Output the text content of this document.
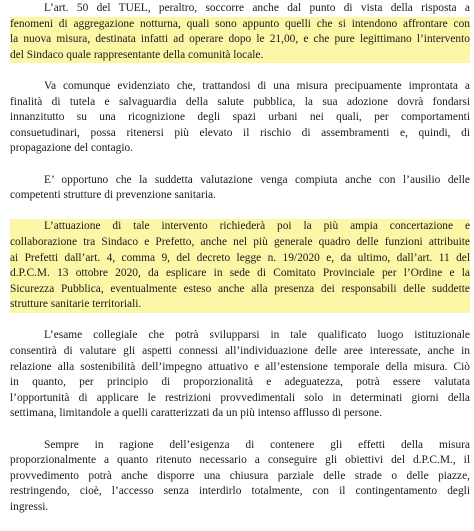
L’art. 50 del TUEL, peraltro, soccorre anche dal punto di vista della risposta a
fenomeni di aggregazione notturna, quali sono appunto quelli che si intendono affrontare con
la nuova misura, destinata infatti ad operare dopo le 21,00, e che pure legittimano l’intervento
del Sindaco quale rappresentante della comunità locale.
Va comunque evidenziato che, trattandosi di una misura precipuamente improntata a
finalità di tutela e salvaguardia della salute pubblica, la sua adozione dovrà fondarsi
innanzitutto su una ricognizione degli spazi urbani nei quali, per comportamenti
consuetudinari, possa ritenersi più elevato il rischio di assembramenti e, quindi, di
propagazione del contagio.
E’ opportuno che la suddetta valutazione venga compiuta anche con l’ausilio delle
competenti strutture di prevenzione sanitaria.
L’attuazione di tale intervento richiederà poi la più ampia concertazione e
collaborazione tra Sindaco e Prefetto, anche nel più generale quadro delle funzioni attribuite
ai Prefetti dall’art. 4, comma 9, del decreto legge n. 19/2020 e, da ultimo, dall’art. 11 del
d.P.C.M. 13 ottobre 2020, da esplicare in sede di Comitato Provinciale per l’Ordine e la
Sicurezza Pubblica, eventualmente esteso anche alla presenza dei responsabili delle suddette
strutture sanitarie territoriali.
L’esame collegiale che potrà svilupparsi in tale qualificato luogo istituzionale
consentirà di valutare gli aspetti connessi all’individuazione delle aree interessate, anche in
relazione alla sostenibilità dell’impegno attuativo e all’estensione temporale della misura. Ciò
in quanto, per principio di proporzionalità e adeguatezza, potrà essere valutata
l’opportunità di applicare le restrizioni provvedimentali solo in determinati giorni della
settimana, limitandole a quelli caratterizzati da un più intenso afflusso di persone.
Sempre in ragione dell’esigenza di contenere gli effetti della misura
proporzionalmente a quanto ritenuto necessario a conseguire gli obiettivi del d.P.C.M., il
provvedimento potrà anche disporre una chiusura parziale delle strade o delle piazze,
restringendo, cioè, l’accesso senza interdirlo totalmente, con il contingentamento degli
ingressi.
